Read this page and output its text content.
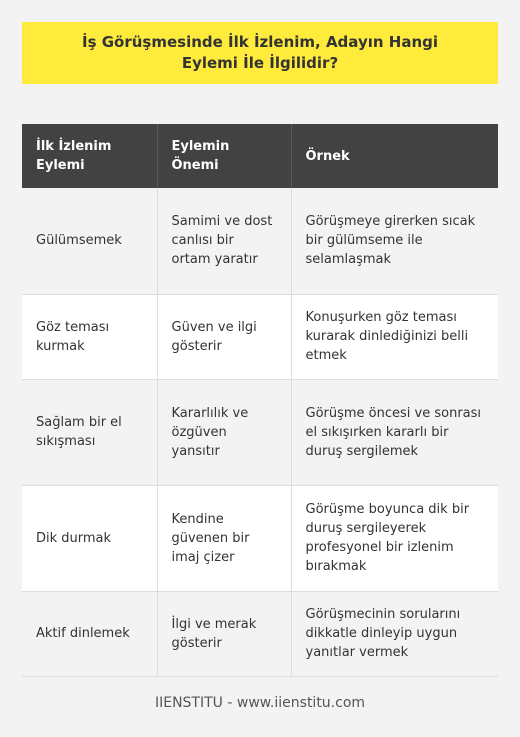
İş Görüşmesinde İlk İzlenim, Adayın Hangi Eylemi İle İlgilidir?
İlk İzlenim Eylemi	Eylemin Önemi	Örnek
Gülümsemek	Samimi ve dost canlısı bir ortam yaratır	Görüşmeye girerken sıcak bir gülümseme ile selamlaşmak
Göz teması kurmak	Güven ve ilgi gösterir	Konuşurken göz teması kurarak dinlediğinizi belli etmek
Sağlam bir el sıkışması	Kararlılık ve özgüven yansıtır	Görüşme öncesi ve sonrası el sıkışırken kararlı bir duruş sergilemek
Dik durmak	Kendine güvenen bir imaj çizer	Görüşme boyunca dik bir duruş sergileyerek profesyonel bir izlenim bırakmak
Aktif dinlemek	İlgi ve merak gösterir	Görüşmecinin sorularını dikkatle dinleyip uygun yanıtlar vermek
IIENSTITU - www.iienstitu.com
